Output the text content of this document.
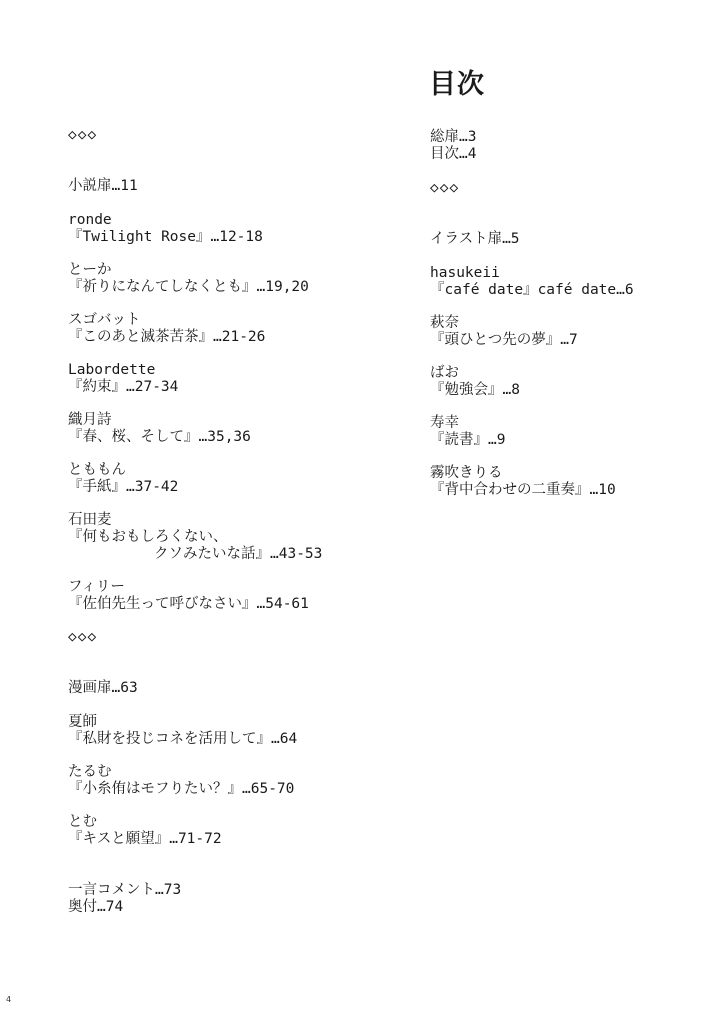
目次
◇◇◇
小説扉…11
ronde
『Twilight Rose』…12-18
とーか
『祈りになんてしなくとも』…19,20
スゴバット
『このあと滅茶苦茶』…21-26
Labordette
『約束』…27-34
織月詩
『春、桜、そして』…35,36
とももん
『手紙』…37-42
石田麦
『何もおもしろくない、
クソみたいな話』…43-53
フィリー
『佐伯先生って呼びなさい』…54-61
◇◇◇
漫画扉…63
夏師
『私財を投じコネを活用して』…64
たるむ
『小糸侑はモフりたい？』…65-70
とむ
『キスと願望』…71-72
一言コメント…73
奥付…74
総扉…3
目次…4
◇◇◇
イラスト扉…5
hasukeii
『café date』café date…6
萩奈
『頭ひとつ先の夢』…7
ばお
『勉強会』…8
寿幸
『読書』…9
霧吹きりる
『背中合わせの二重奏』…10
4
